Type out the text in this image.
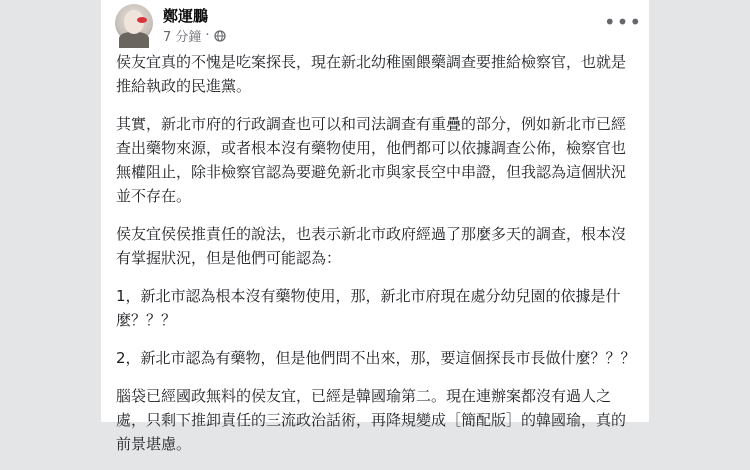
鄭運鵬
7 分鐘 ·
•••

侯友宜真的不愧是吃案探長，現在新北幼稚園餵藥調查要推給檢察官，也就是推給執政的民進黨。

其實，新北市府的行政調查也可以和司法調查有重疊的部分，例如新北市已經查出藥物來源，或者根本沒有藥物使用，他們都可以依據調查公佈，檢察官也無權阻止，除非檢察官認為要避免新北市與家長空中串證，但我認為這個狀況並不存在。

侯友宜侯侯推責任的說法，也表示新北市政府經過了那麼多天的調查，根本沒有掌握狀況，但是他們可能認為：

1，新北市認為根本沒有藥物使用，那，新北市府現在處分幼兒園的依據是什麼？？？

2，新北市認為有藥物，但是他們問不出來，那，要這個探長市長做什麼？？？

腦袋已經國政無料的侯友宜，已經是韓國瑜第二。現在連辦案都沒有過人之處，只剩下推卸責任的三流政治話術，再降規變成［簡配版］的韓國瑜，真的前景堪慮。
